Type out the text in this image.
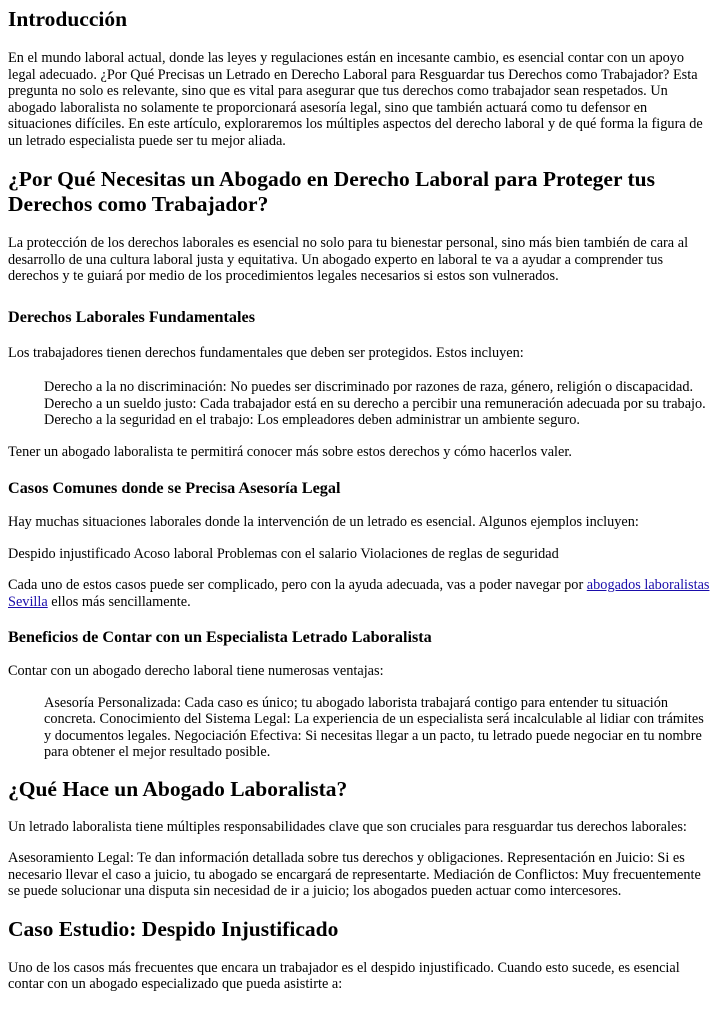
Introducción

En el mundo laboral actual, donde las leyes y regulaciones están en incesante cambio, es esencial contar con un apoyo legal adecuado. ¿Por Qué Precisas un Letrado en Derecho Laboral para Resguardar tus Derechos como Trabajador? Esta pregunta no solo es relevante, sino que es vital para asegurar que tus derechos como trabajador sean respetados. Un abogado laboralista no solamente te proporcionará asesoría legal, sino que también actuará como tu defensor en situaciones difíciles. En este artículo, exploraremos los múltiples aspectos del derecho laboral y de qué forma la figura de un letrado especialista puede ser tu mejor aliada.

¿Por Qué Necesitas un Abogado en Derecho Laboral para Proteger tus Derechos como Trabajador?

La protección de los derechos laborales es esencial no solo para tu bienestar personal, sino más bien también de cara al desarrollo de una cultura laboral justa y equitativa. Un abogado experto en laboral te va a ayudar a comprender tus derechos y te guiará por medio de los procedimientos legales necesarios si estos son vulnerados.

Derechos Laborales Fundamentales

Los trabajadores tienen derechos fundamentales que deben ser protegidos. Estos incluyen:

Derecho a la no discriminación: No puedes ser discriminado por razones de raza, género, religión o discapacidad. Derecho a un sueldo justo: Cada trabajador está en su derecho a percibir una remuneración adecuada por su trabajo. Derecho a la seguridad en el trabajo: Los empleadores deben administrar un ambiente seguro.

Tener un abogado laboralista te permitirá conocer más sobre estos derechos y cómo hacerlos valer.

Casos Comunes donde se Precisa Asesoría Legal

Hay muchas situaciones laborales donde la intervención de un letrado es esencial. Algunos ejemplos incluyen:

Despido injustificado Acoso laboral Problemas con el salario Violaciones de reglas de seguridad

Cada uno de estos casos puede ser complicado, pero con la ayuda adecuada, vas a poder navegar por abogados laboralistas Sevilla ellos más sencillamente.

Beneficios de Contar con un Especialista Letrado Laboralista

Contar con un abogado derecho laboral tiene numerosas ventajas:

Asesoría Personalizada: Cada caso es único; tu abogado laborista trabajará contigo para entender tu situación concreta. Conocimiento del Sistema Legal: La experiencia de un especialista será incalculable al lidiar con trámites y documentos legales. Negociación Efectiva: Si necesitas llegar a un pacto, tu letrado puede negociar en tu nombre para obtener el mejor resultado posible.
¿Qué Hace un Abogado Laboralista?

Un letrado laboralista tiene múltiples responsabilidades clave que son cruciales para resguardar tus derechos laborales:

Asesoramiento Legal: Te dan información detallada sobre tus derechos y obligaciones. Representación en Juicio: Si es necesario llevar el caso a juicio, tu abogado se encargará de representarte. Mediación de Conflictos: Muy frecuentemente se puede solucionar una disputa sin necesidad de ir a juicio; los abogados pueden actuar como intercesores.

Caso Estudio: Despido Injustificado

Uno de los casos más frecuentes que encara un trabajador es el despido injustificado. Cuando esto sucede, es esencial contar con un abogado especializado que pueda asistirte a:
